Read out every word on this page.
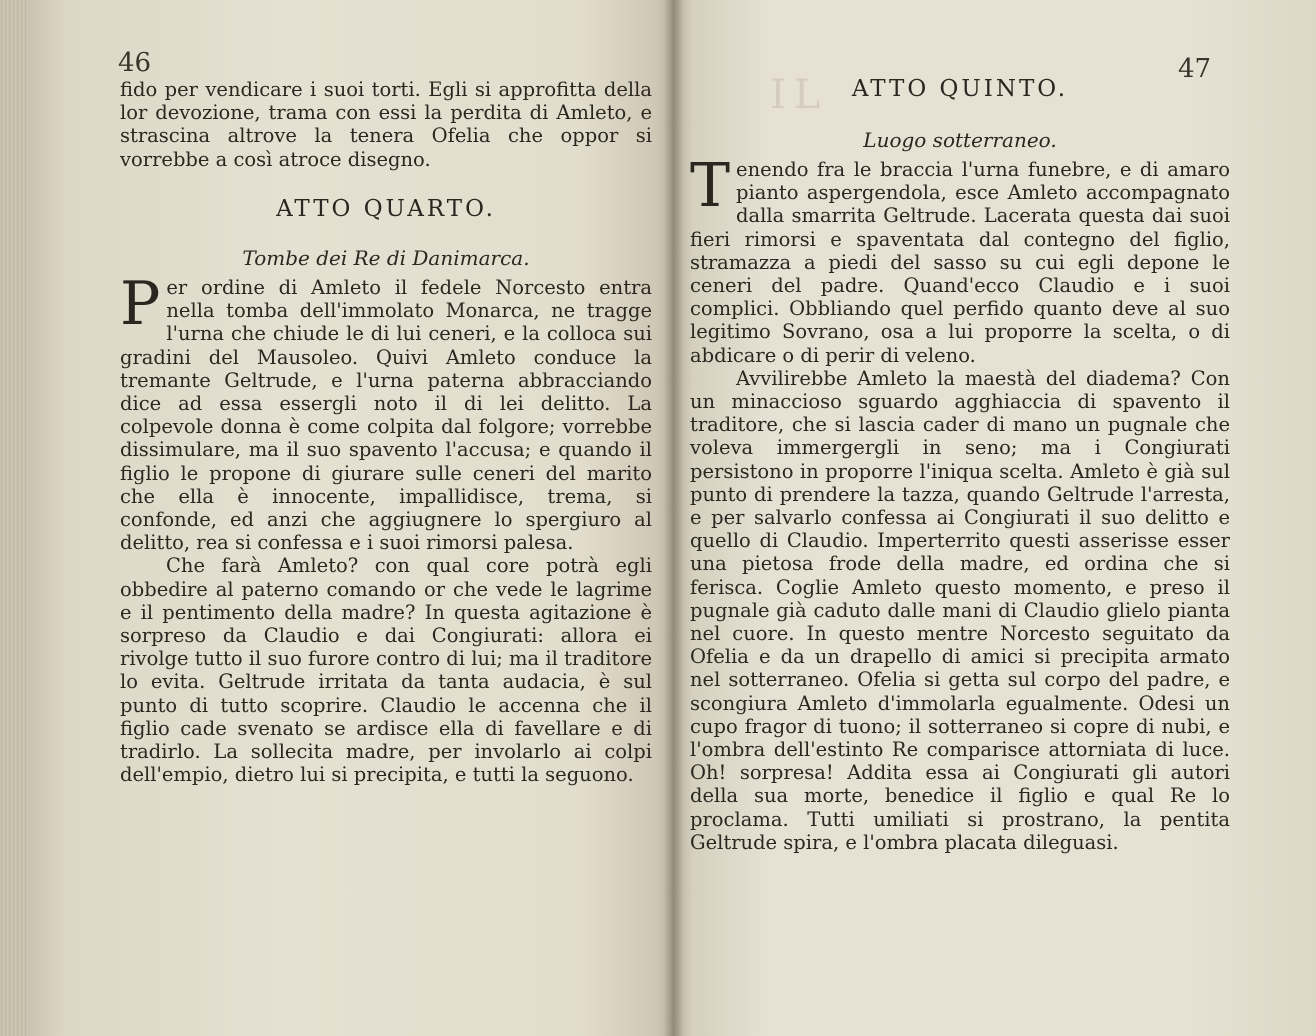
IL
46

fido per vendicare i suoi torti. Egli si approfitta della lor devozione, trama con essi la perdita di Amleto, e strascina altrove la tenera Ofelia che oppor si vorrebbe a così atroce disegno.

ATTO QUARTO.
Tombe dei Re di Danimarca.

Per ordine di Amleto il fedele Norcesto entra nella tomba dell'immolato Monarca, ne tragge l'urna che chiude le di lui ceneri, e la colloca sui gradini del Mausoleo. Quivi Amleto conduce la tremante Geltrude, e l'urna paterna abbracciando dice ad essa essergli noto il di lei delitto. La colpevole donna è come colpita dal folgore; vorrebbe dissimulare, ma il suo spavento l'accusa; e quando il figlio le propone di giurare sulle ceneri del marito che ella è innocente, impallidisce, trema, si confonde, ed anzi che aggiugnere lo spergiuro al delitto, rea si confessa e i suoi rimorsi palesa.

Che farà Amleto? con qual core potrà egli obbedire al paterno comando or che vede le lagrime e il pentimento della madre? In questa agitazione è sorpreso da Claudio e dai Congiurati: allora ei rivolge tutto il suo furore contro di lui; ma il traditore lo evita. Geltrude irritata da tanta audacia, è sul punto di tutto scoprire. Claudio le accenna che il figlio cade svenato se ardisce ella di favellare e di tradirlo. La sollecita madre, per involarlo ai colpi dell'empio, dietro lui si precipita, e tutti la seguono.

47
ATTO QUINTO.
Luogo sotterraneo.

Tenendo fra le braccia l'urna funebre, e di amaro pianto aspergendola, esce Amleto accompagnato dalla smarrita Geltrude. Lacerata questa dai suoi fieri rimorsi e spaventata dal contegno del figlio, stramazza a piedi del sasso su cui egli depone le ceneri del padre. Quand'ecco Claudio e i suoi complici. Obbliando quel perfido quanto deve al suo legitimo Sovrano, osa a lui proporre la scelta, o di abdicare o di perir di veleno.

Avvilirebbe Amleto la maestà del diadema? Con un minaccioso sguardo agghiaccia di spavento il traditore, che si lascia cader di mano un pugnale che voleva immergergli in seno; ma i Congiurati persistono in proporre l'iniqua scelta. Amleto è già sul punto di prendere la tazza, quando Geltrude l'arresta, e per salvarlo confessa ai Congiurati il suo delitto e quello di Claudio. Imperterrito questi asserisse esser una pietosa frode della madre, ed ordina che si ferisca. Coglie Amleto questo momento, e preso il pugnale già caduto dalle mani di Claudio glielo pianta nel cuore. In questo mentre Norcesto seguitato da Ofelia e da un drapello di amici si precipita armato nel sotterraneo. Ofelia si getta sul corpo del padre, e scongiura Amleto d'immolarla egualmente. Odesi un cupo fragor di tuono; il sotterraneo si copre di nubi, e l'ombra dell'estinto Re comparisce attorniata di luce. Oh! sorpresa! Addita essa ai Congiurati gli autori della sua morte, benedice il figlio e qual Re lo proclama. Tutti umiliati si prostrano, la pentita Geltrude spira, e l'ombra placata dileguasi.
